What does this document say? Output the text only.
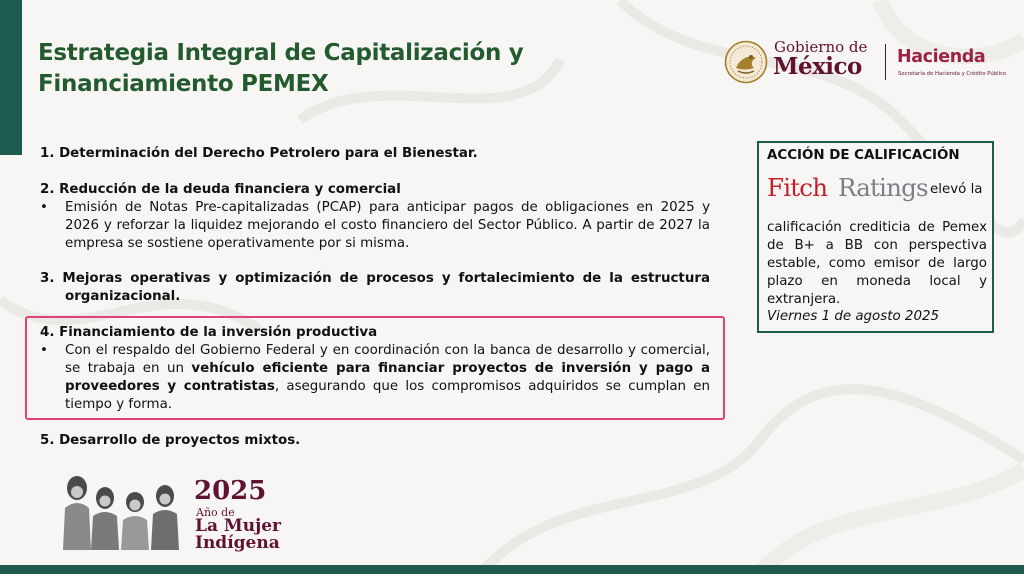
Estrategia Integral de Capitalización y
Financiamiento PEMEX
Gobierno de
México Hacienda
Secretaría de Hacienda y Crédito Público
1. Determinación del Derecho Petrolero para el Bienestar.
2. Reducción de la deuda financiera y comercial
• Emisión de Notas Pre-capitalizadas (PCAP) para anticipar pagos de obligaciones en 2025 y 2026 y reforzar la liquidez mejorando el costo financiero del Sector Público. A partir de 2027 la empresa se sostiene operativamente por si misma.
3. Mejoras operativas y optimización de procesos y fortalecimiento de la estructura
organizacional.
4. Financiamiento de la inversión productiva
• Con el respaldo del Gobierno Federal y en coordinación con la banca de desarrollo y comercial, se trabaja en un vehículo eficiente para financiar proyectos de inversión y pago a proveedores y contratistas, asegurando que los compromisos adquiridos se cumplan en tiempo y forma.
5. Desarrollo de proyectos mixtos.
ACCIÓN DE CALIFICACIÓN
Fitch Ratings elevó la
calificación crediticia de Pemex de B+ a BB con perspectiva estable, como emisor de largo plazo en moneda local y extranjera.
Viernes 1 de agosto 2025
2025
Año de
La Mujer
Indígena
